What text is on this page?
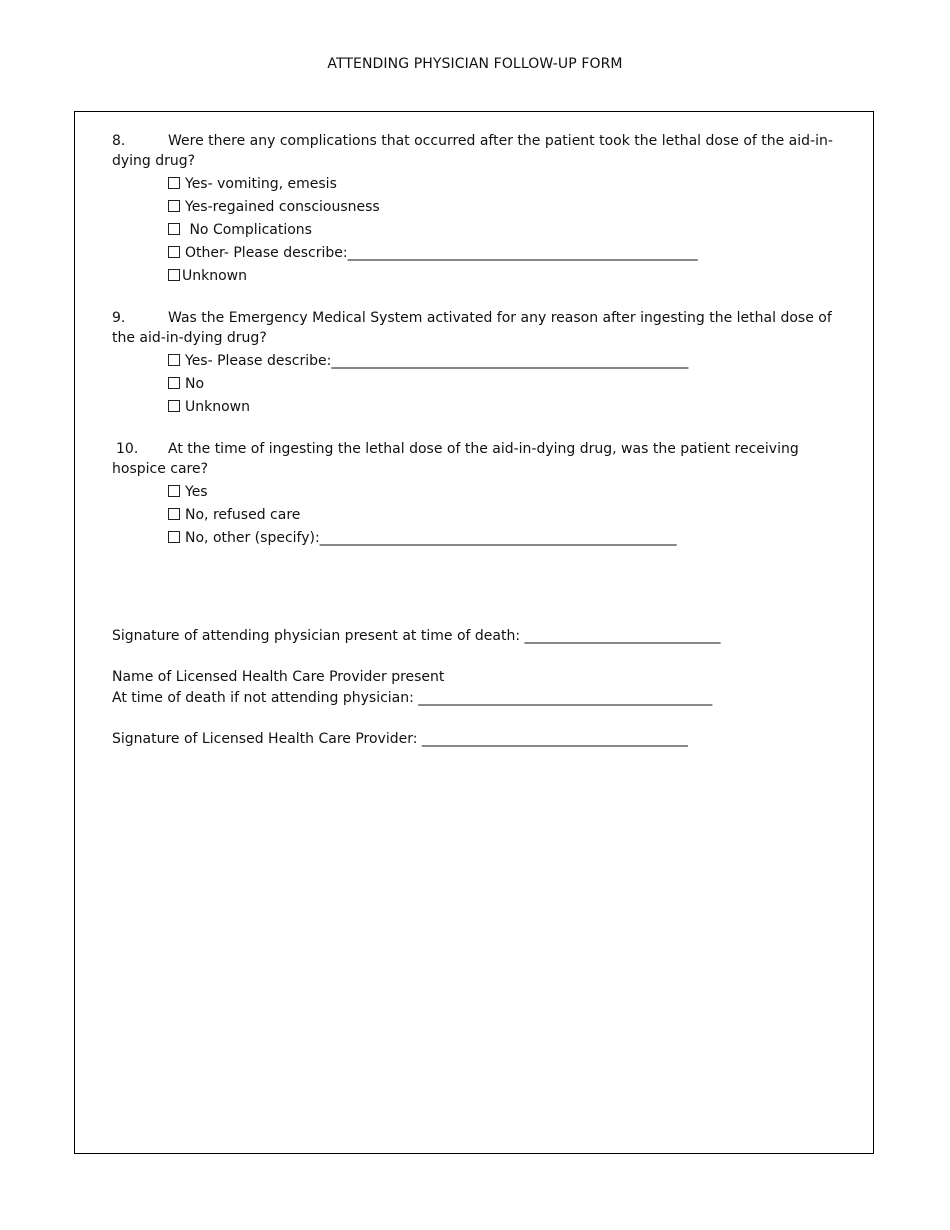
ATTENDING PHYSICIAN FOLLOW-UP FORM
8.	Were there any complications that occurred after the patient took the lethal dose of the aid-in-dying drug?
Yes- vomiting, emesis
Yes-regained consciousness
No Complications
Other- Please describe:__________________________________________________
Unknown
9.	Was the Emergency Medical System activated for any reason after ingesting the lethal dose of the aid-in-dying drug?
Yes- Please describe:___________________________________________________
No
Unknown
10. At the time of ingesting the lethal dose of the aid-in-dying drug, was the patient receiving hospice care?
Yes
No, refused care
No, other (specify):___________________________________________________

Signature of attending physician present at time of death: ____________________________

Name of Licensed Health Care Provider present

At time of death if not attending physician: __________________________________________

Signature of Licensed Health Care Provider: ______________________________________
